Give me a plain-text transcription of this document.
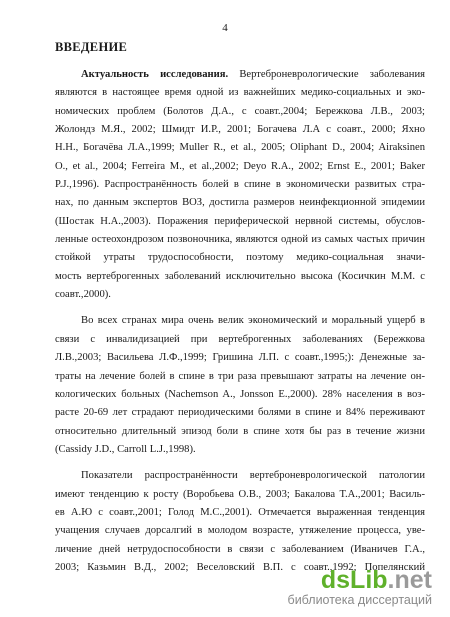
4
ВВЕДЕНИЕ
Актуальность исследования. Вертеброневрологические заболевания
являются в настоящее время одной из важнейших медико-социальных и эко-
номических проблем (Болотов Д.А., с соавт.,2004; Бережкова Л.В., 2003;
Жолондз М.Я., 2002; Шмидт И.Р., 2001; Богачева Л.А с соавт., 2000; Яхно
Н.Н., Богачёва Л.А.,1999; Muller R., et al., 2005; Oliphant D., 2004; Airaksinen
O., et al., 2004; Ferreira M., et al.,2002; Deyo R.A., 2002; Ernst E., 2001; Baker
P.J.,1996). Распространённость болей в спине в экономически развитых стра-
нах, по данным экспертов ВОЗ, достигла размеров неинфекционной эпидемии
(Шостак Н.А.,2003). Поражения периферической нервной системы, обуслов-
ленные остеохондрозом позвоночника, являются одной из самых частых причин
стойкой утраты трудоспособности, поэтому медико-социальная значи-
мость вертеброгенных заболеваний исключительно высока (Косичкин М.М. с
соавт.,2000).
Во всех странах мира очень велик экономический и моральный ущерб в
связи с инвалидизацией при вертеброгенных заболеваниях (Бережкова
Л.В.,2003; Васильева Л.Ф.,1999; Гришина Л.П. с соавт.,1995;): Денежные за-
траты на лечение болей в спине в три раза превышают затраты на лечение он-
кологических больных (Nachemson A., Jonsson E.,2000). 28% населения в воз-
расте 20-69 лет страдают периодическими болями в спине и 84% переживают
относительно длительный эпизод боли в спине хотя бы раз в течение жизни
(Cassidy J.D., Carroll L.J.,1998).
Показатели распространённости вертеброневрологической патологии
имеют тенденцию к росту (Воробьева О.В., 2003; Бакалова Т.А.,2001; Василь-
ев А.Ю с соавт.,2001; Голод М.С.,2001). Отмечается выраженная тенденция
учащения случаев дорсалгий в молодом возрасте, утяжеление процесса, уве-
личение дней нетрудоспособности в связи с заболеванием (Иваничев Г.А.,
2003; Казьмин В.Д., 2002; Веселовский В.П. с соавт.,1992; Попелянский
dsLib.net
библиотека диссертаций
